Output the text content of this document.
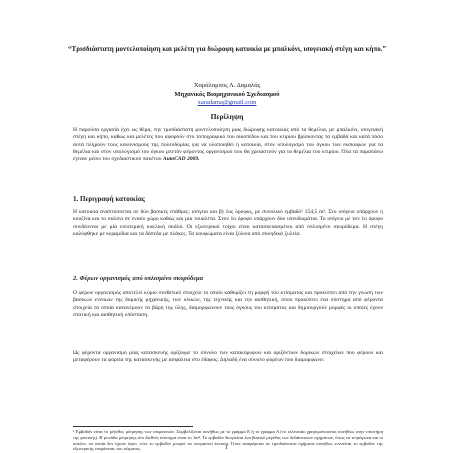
“Τρισδιάστατη μοντελοποίηση και μελέτη για διώροφη κατοικία με μπαλκόνι, ισογειακή στέγη και κήπο.”
Χαράλαμπος Λ. Δαμαλάς
Μηχανικός Βιομηχανικού Σχεδιασμού
xaradama@gmail.com
Περίληψη
Η παρούσα εργασία έχει ως θέμα, την τρισδιάστατη μοντελοποίηση μιας διώροφης κατοικίας από τα θεμέλια, με μπαλκόνι, ισογειακή στέγη και κήπο, καθώς και μελέτες που αφορούν στο τοπογραφικό του οικοπέδου και του κτιρίου βρίσκοντας τα εμβαδά και κατά πόσο αυτά πληρούν τους κανονισμούς της πολεοδομίας για να υλοποιηθεί η κατοικία, στον υπολογισμό του όγκου των εκσκαφών για τα θεμέλια και στον υπολογισμό του όγκου μπετόν φέροντος οργανισμού που θα χρειαστούν για τα θεμέλια του κτιρίου. Όλα τα παραπάνω έγιναν μέσω του σχεδιαστικού πακέτου AutoCAD 2009.
1. Περιγραφή κατοικίας
Η κατοικία αναπτύσσεται σε δύο βασικές στάθμες: ισόγειο και β) 1ος όροφος, με συνολικό εμβαδό¹ 154,5 m². Στο ισόγειο υπάρχουν η κουζίνα και το σαλόνι σε ενιαίο χώρο καθώς και μία τουαλέτα. Στον 1ο όροφο υπάρχουν δύο υπνοδωμάτια. Το ισόγειο με τον 1ο όροφο συνδέονται με μία εσωτερική κυκλική σκάλα. Οι εξωτερικοί τοίχοι είναι κατασκευασμένοι από οπλισμένο σκυρόδεμα. Η στέγη καλύφθηκε με κεραμίδια και τα δάπεδα με πλάκες. Τα κουφώματα είναι ξύλινα από σουηδικά ξυλεία.
2. Φέρων οργανισμός από οπλισμένο σκυρόδεμα
Ο φέρων οργανισμός αποτελεί κύριο συνθετικό στοιχείο το οποίο καθορίζει τη μορφή του κτίσματος και προκύπτει από την γνώση των βασικών εννοιών της δομικής μηχανικής, των υλικών, της τεχνικής και την αισθητική, όπου προκύπτει ένα σύστημα από φέροντα στοιχεία τα οποία κατανέμουν τα βάρη της ύλης, διαμορφώνουν τους όγκους του κτίσματος και δημιουργούν μορφές οι οποίες έχουν στατική και αισθητική υπόσταση.
Ως φέροντα οργανισμό μίας κατασκευής ορίζουμε το σύνολο των κατακόρυφων και οριζόντιων δομικών στοιχείων που φέρουν και μεταφέρουν τα φορτία της κατασκευής με ασφάλεια στο έδαφος. Δηλαδή ένα σύνολο φορέων που διαμορφώνει
¹ Εμβαδόν είναι το μέγεθος μέτρησης των επιφανειών. Συμβολίζεται συνήθως με το γράμμα Ε ή το γράμμα Α (το τελευταίο χρησιμοποιείται συνήθως στην επιστήμη της φυσικής). Η μονάδα μέτρησης στο διεθνές σύστημα είναι το 1m². Το εμβαδόν θεωρείται ένα βασικό μέγεθος των διδιάστατων σχημάτων, όπως τα τετράγωνα και οι κύκλοι, τα οποία δεν έχουν όγκο, τότε το εμβαδόν μπορεί να ονομαστεί έκταση. Όταν αναφέρεται σε τρισδιάστατα σχήματα συνήθως εννοείται το εμβαδόν της εξωτερικής επιφάνειας του σώματος.	1
